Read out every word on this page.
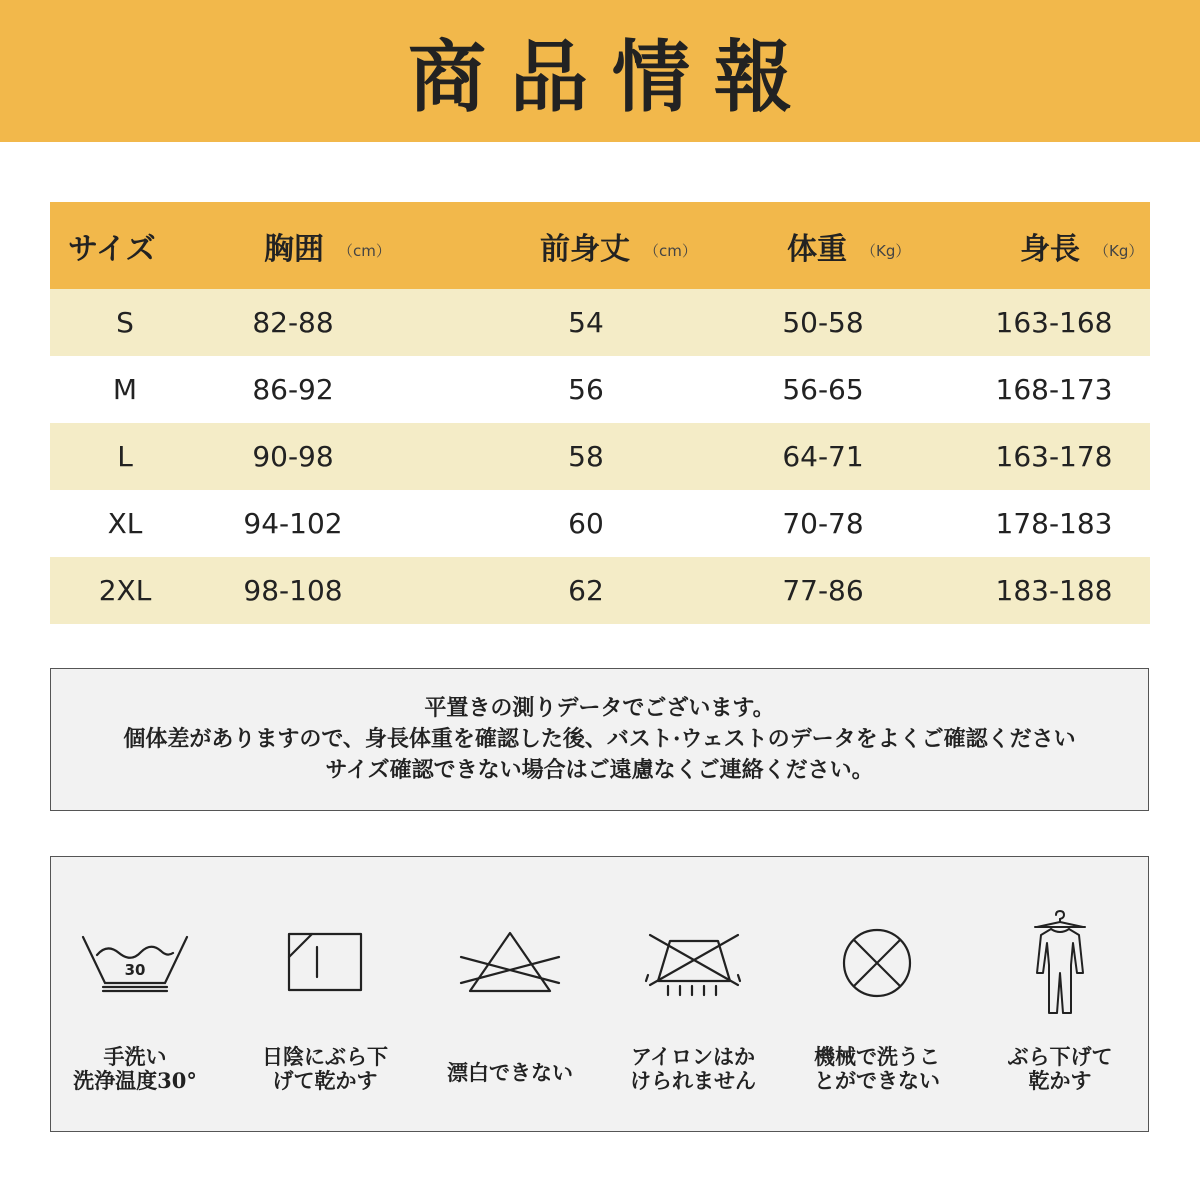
商品情報
サイズ	胸囲 （cm）	前身丈 （cm）	体重 （Kg）	身長 （Kg）
S	82-88	54	50-58	163-168
M	86-92	56	56-65	168-173
L	90-98	58	64-71	163-178
XL	94-102	60	70-78	178-183
2XL	98-108	62	77-86	183-188
平置きの測りデータでございます。
個体差がありますので、身長体重を確認した後、バスト·ウェストのデータをよくご確認ください
サイズ確認できない場合はご遠慮なくご連絡ください。
30
手洗い
洗浄温度30°
日陰にぶら下
げて乾かす	漂白できない
アイロンはか
けられません
機械で洗うこ
とができない
ぶら下げて
乾かす
